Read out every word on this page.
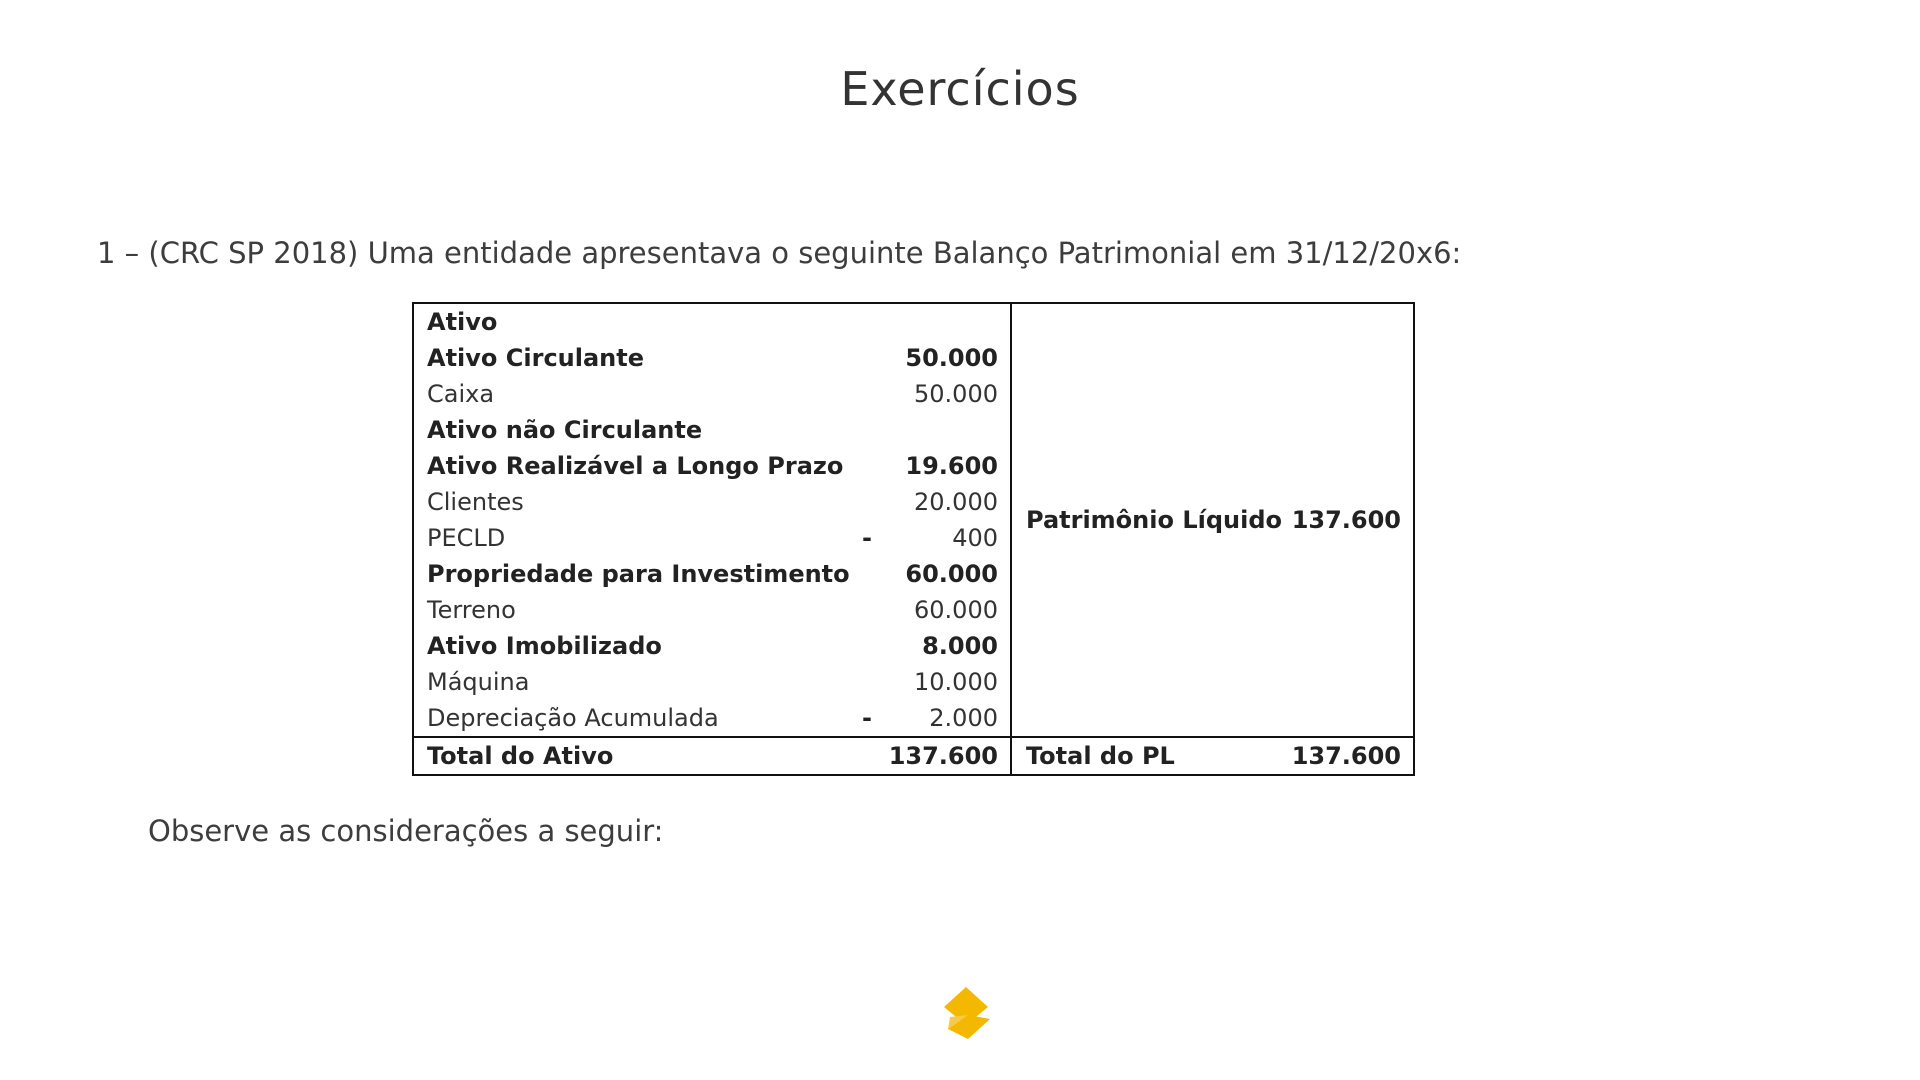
Exercícios
1 – (CRC SP 2018) Uma entidade apresentava o seguinte Balanço Patrimonial em 31/12/20x6:
Ativo			Patrimônio Líquido	137.600
Ativo Circulante		50.000		
Caixa		50.000		
Ativo não Circulante				
Ativo Realizável a Longo Prazo		19.600		
Clientes		20.000		
PECLD	-	400		
Propriedade para Investimento		60.000		
Terreno		60.000		
Ativo Imobilizado		8.000		
Máquina		10.000		
Depreciação Acumulada	-	2.000		
Total do Ativo		137.600	Total do PL	137.600
Observe as considerações a seguir:
